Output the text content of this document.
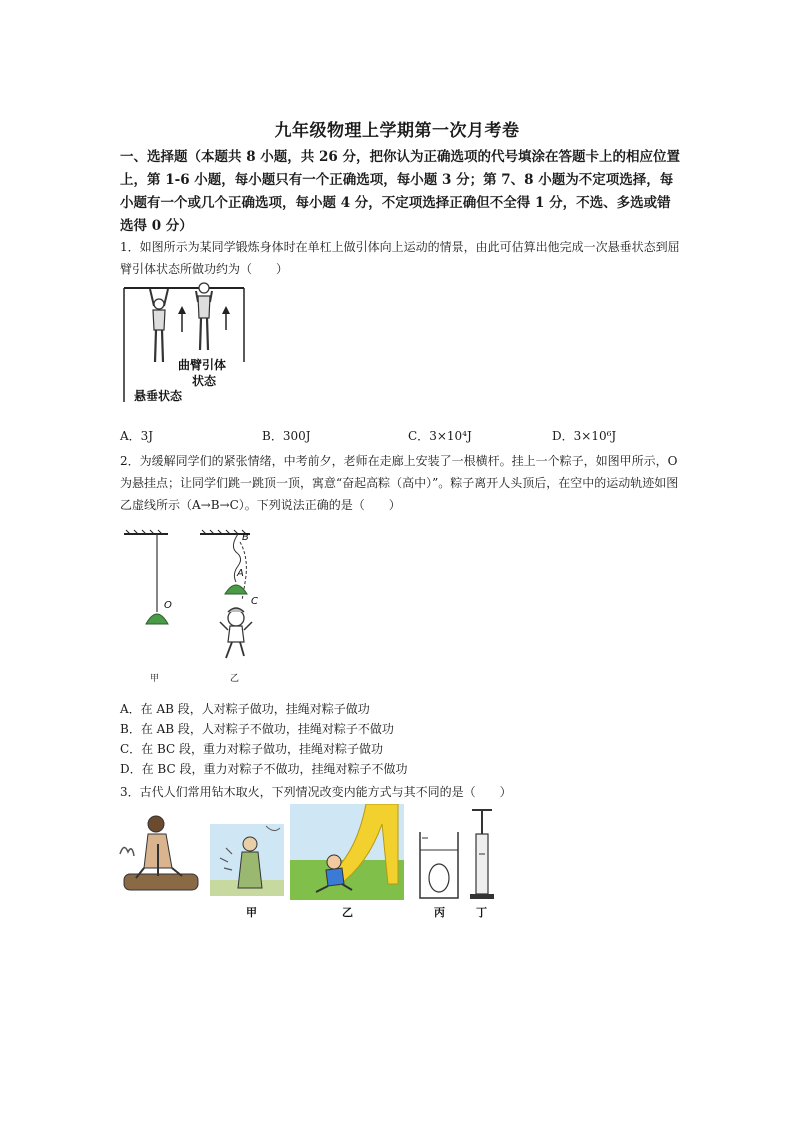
九年级物理上学期第一次月考卷
一、选择题（本题共 8 小题，共 26 分，把你认为正确选项的代号填涂在答题卡上的相应位置上，第 1-6 小题，每小题只有一个正确选项，每小题 3 分；第 7、8 小题为不定项选择，每小题有一个或几个正确选项，每小题 4 分，不定项选择正确但不全得 1 分，不选、多选或错选得 0 分）
1．如图所示为某同学锻炼身体时在单杠上做引体向上运动的情景，由此可估算出他完成一次悬垂状态到屈臂引体状态所做功约为（　　）
曲臂引体
状态
悬垂状态
A．3J	B．300J	C．3×10⁴J	D．3×10⁶J
2．为缓解同学们的紧张情绪，中考前夕，老师在走廊上安装了一根横杆。挂上一个粽子，如图甲所示，O为悬挂点；让同学们跳一跳顶一顶，寓意“奋起高粽（高中）”。粽子离开人头顶后，在空中的运动轨迹如图乙虚线所示（A→B→C）。下列说法正确的是（　　）
O
B
A
C
甲	乙
A．在 AB 段，人对粽子做功，挂绳对粽子做功
B．在 AB 段，人对粽子不做功，挂绳对粽子不做功
C．在 BC 段，重力对粽子做功，挂绳对粽子做功
D．在 BC 段，重力对粽子不做功，挂绳对粽子不做功
3．古代人们常用钻木取火，下列情况改变内能方式与其不同的是（　　）
甲	乙	丙	丁
